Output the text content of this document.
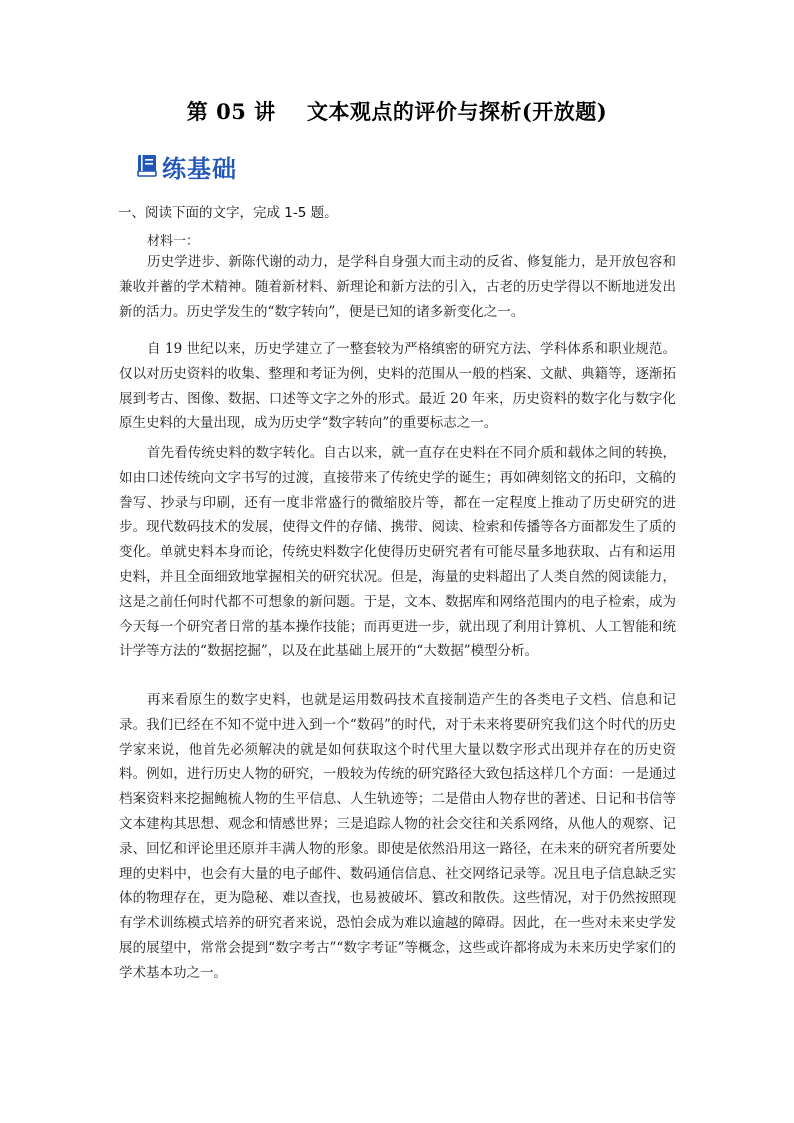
第 05 讲    文本观点的评价与探析(开放题)
练基础
一、阅读下面的文字，完成 1-5 题。
材料一：

历史学进步、新陈代谢的动力，是学科自身强大而主动的反省、修复能力，是开放包容和兼收并蓄的学术精神。随着新材料、新理论和新方法的引入，古老的历史学得以不断地迸发出新的活力。历史学发生的“数字转向”，便是已知的诸多新变化之一。

自 19 世纪以来，历史学建立了一整套较为严格缜密的研究方法、学科体系和职业规范。仅以对历史资料的收集、整理和考证为例，史料的范围从一般的档案、文献、典籍等，逐渐拓展到考古、图像、数据、口述等文字之外的形式。最近 20 年来，历史资料的数字化与数字化原生史料的大量出现，成为历史学“数字转向”的重要标志之一。

首先看传统史料的数字转化。自古以来，就一直存在史料在不同介质和载体之间的转换，如由口述传统向文字书写的过渡，直接带来了传统史学的诞生；再如碑刻铭文的拓印，文稿的誊写、抄录与印刷，还有一度非常盛行的微缩胶片等，都在一定程度上推动了历史研究的进步。现代数码技术的发展，使得文件的存储、携带、阅读、检索和传播等各方面都发生了质的变化。单就史料本身而论，传统史料数字化使得历史研究者有可能尽量多地获取、占有和运用史料，并且全面细致地掌握相关的研究状况。但是，海量的史料超出了人类自然的阅读能力，这是之前任何时代都不可想象的新问题。于是，文本、数据库和网络范围内的电子检索，成为今天每一个研究者日常的基本操作技能；而再更进一步，就出现了利用计算机、人工智能和统计学等方法的“数据挖掘”，以及在此基础上展开的“大数据”模型分析。

再来看原生的数字史料，也就是运用数码技术直接制造产生的各类电子文档、信息和记录。我们已经在不知不觉中进入到一个“数码”的时代，对于未来将要研究我们这个时代的历史学家来说，他首先必须解决的就是如何获取这个时代里大量以数字形式出现并存在的历史资料。例如，进行历史人物的研究，一般较为传统的研究路径大致包括这样几个方面：一是通过档案资料来挖掘鲍梳人物的生平信息、人生轨迹等；二是借由人物存世的著述、日记和书信等文本建构其思想、观念和情感世界；三是追踪人物的社会交往和关系网络，从他人的观察、记录、回忆和评论里还原并丰满人物的形象。即使是依然沿用这一路径，在未来的研究者所要处理的史料中，也会有大量的电子邮件、数码通信信息、社交网络记录等。况且电子信息缺乏实体的物理存在，更为隐秘、难以查找，也易被破坏、篡改和散佚。这些情况，对于仍然按照现有学术训练模式培养的研究者来说，恐怕会成为难以逾越的障碍。因此，在一些对未来史学发展的展望中，常常会提到“数字考古”“数字考证”等概念，这些或许都将成为未来历史学家们的学术基本功之一。
